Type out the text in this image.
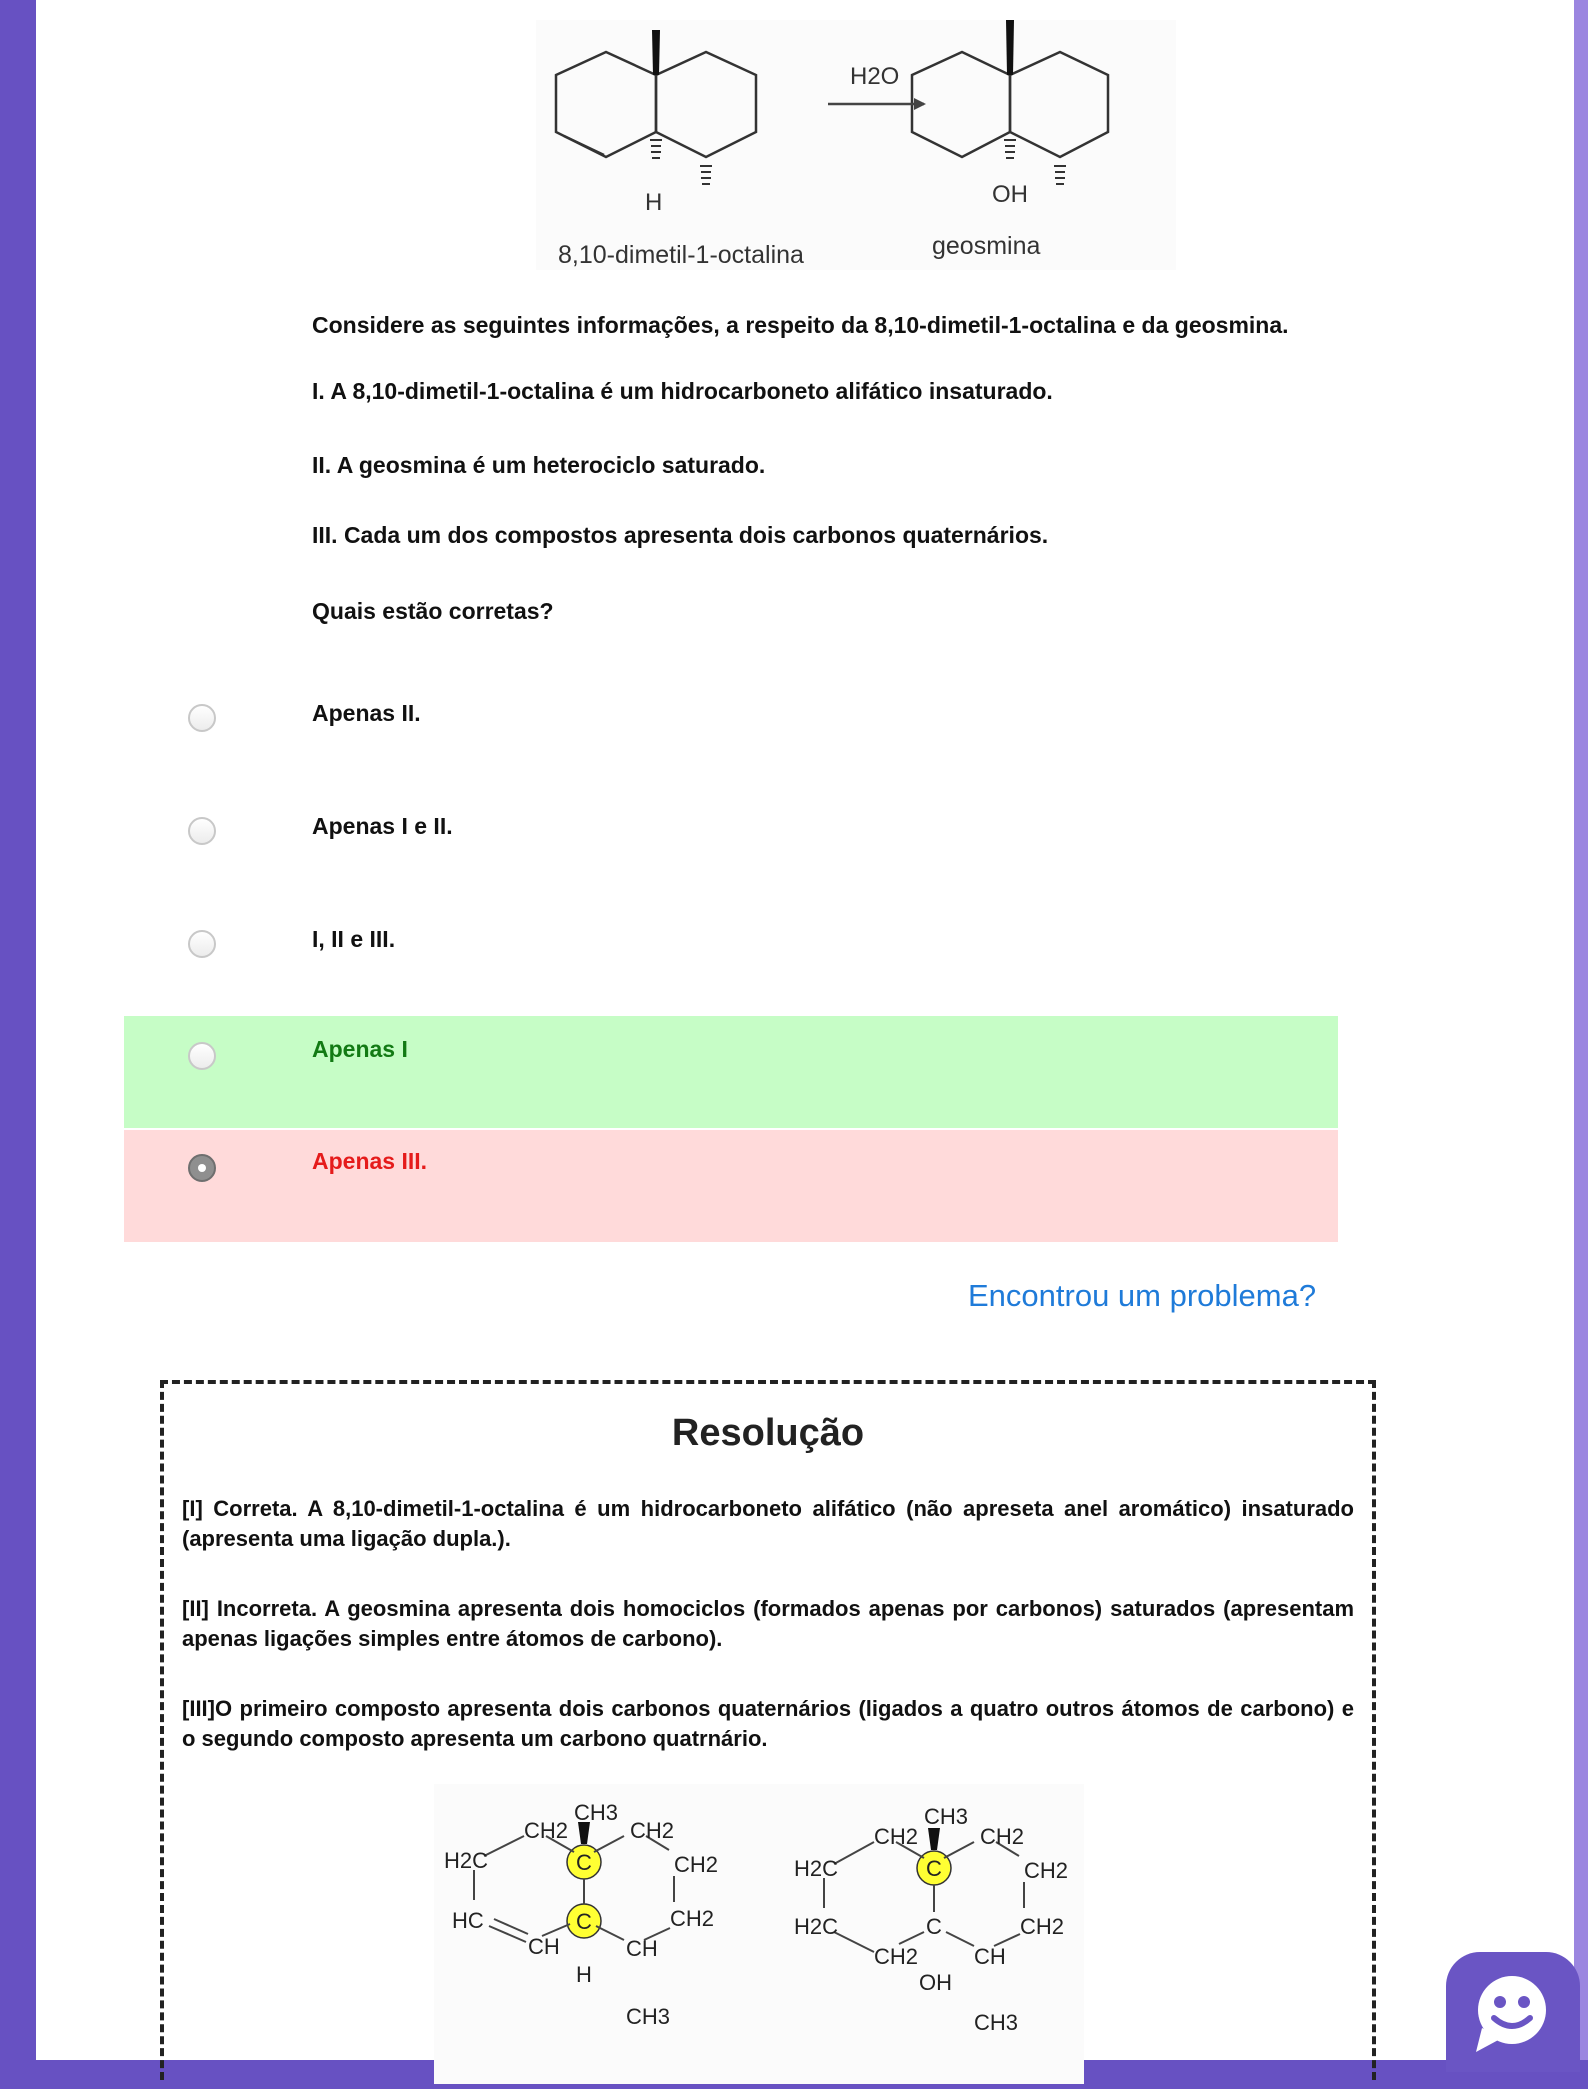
H2O
H	OH
8,10-dimetil-1-octalina	geosmina
Considere as seguintes informações, a respeito da 8,10-dimetil-1-octalina e da geosmina.
I. A 8,10-dimetil-1-octalina é um hidrocarboneto alifático insaturado.
II. A geosmina é um heterociclo saturado.
III. Cada um dos compostos apresenta dois carbonos quaternários.
Quais estão corretas?
Apenas II.
Apenas I e II.
I, II e III.
Apenas I
Apenas III.
Encontrou um problema?
Resolução
[I] Correta. A 8,10-dimetil-1-octalina é um hidrocarboneto alifático (não apreseta anel aromático) insaturado (apresenta uma ligação dupla.).
[II] Incorreta. A geosmina apresenta dois homociclos (formados apenas por carbonos) saturados (apresentam apenas ligações simples entre átomos de carbono).
[III]O primeiro composto apresenta dois carbonos quaternários (ligados a quatro outros átomos de carbono) e o segundo composto apresenta um carbono quatrnário.
CH3
CH2	CH2
H2C	C	CH2
HC	C	CH2
CH	CH
H
CH3
CH3
CH2	CH2
H2C	C	CH2
H2C	C	CH2
CH2	CH
OH
CH3
